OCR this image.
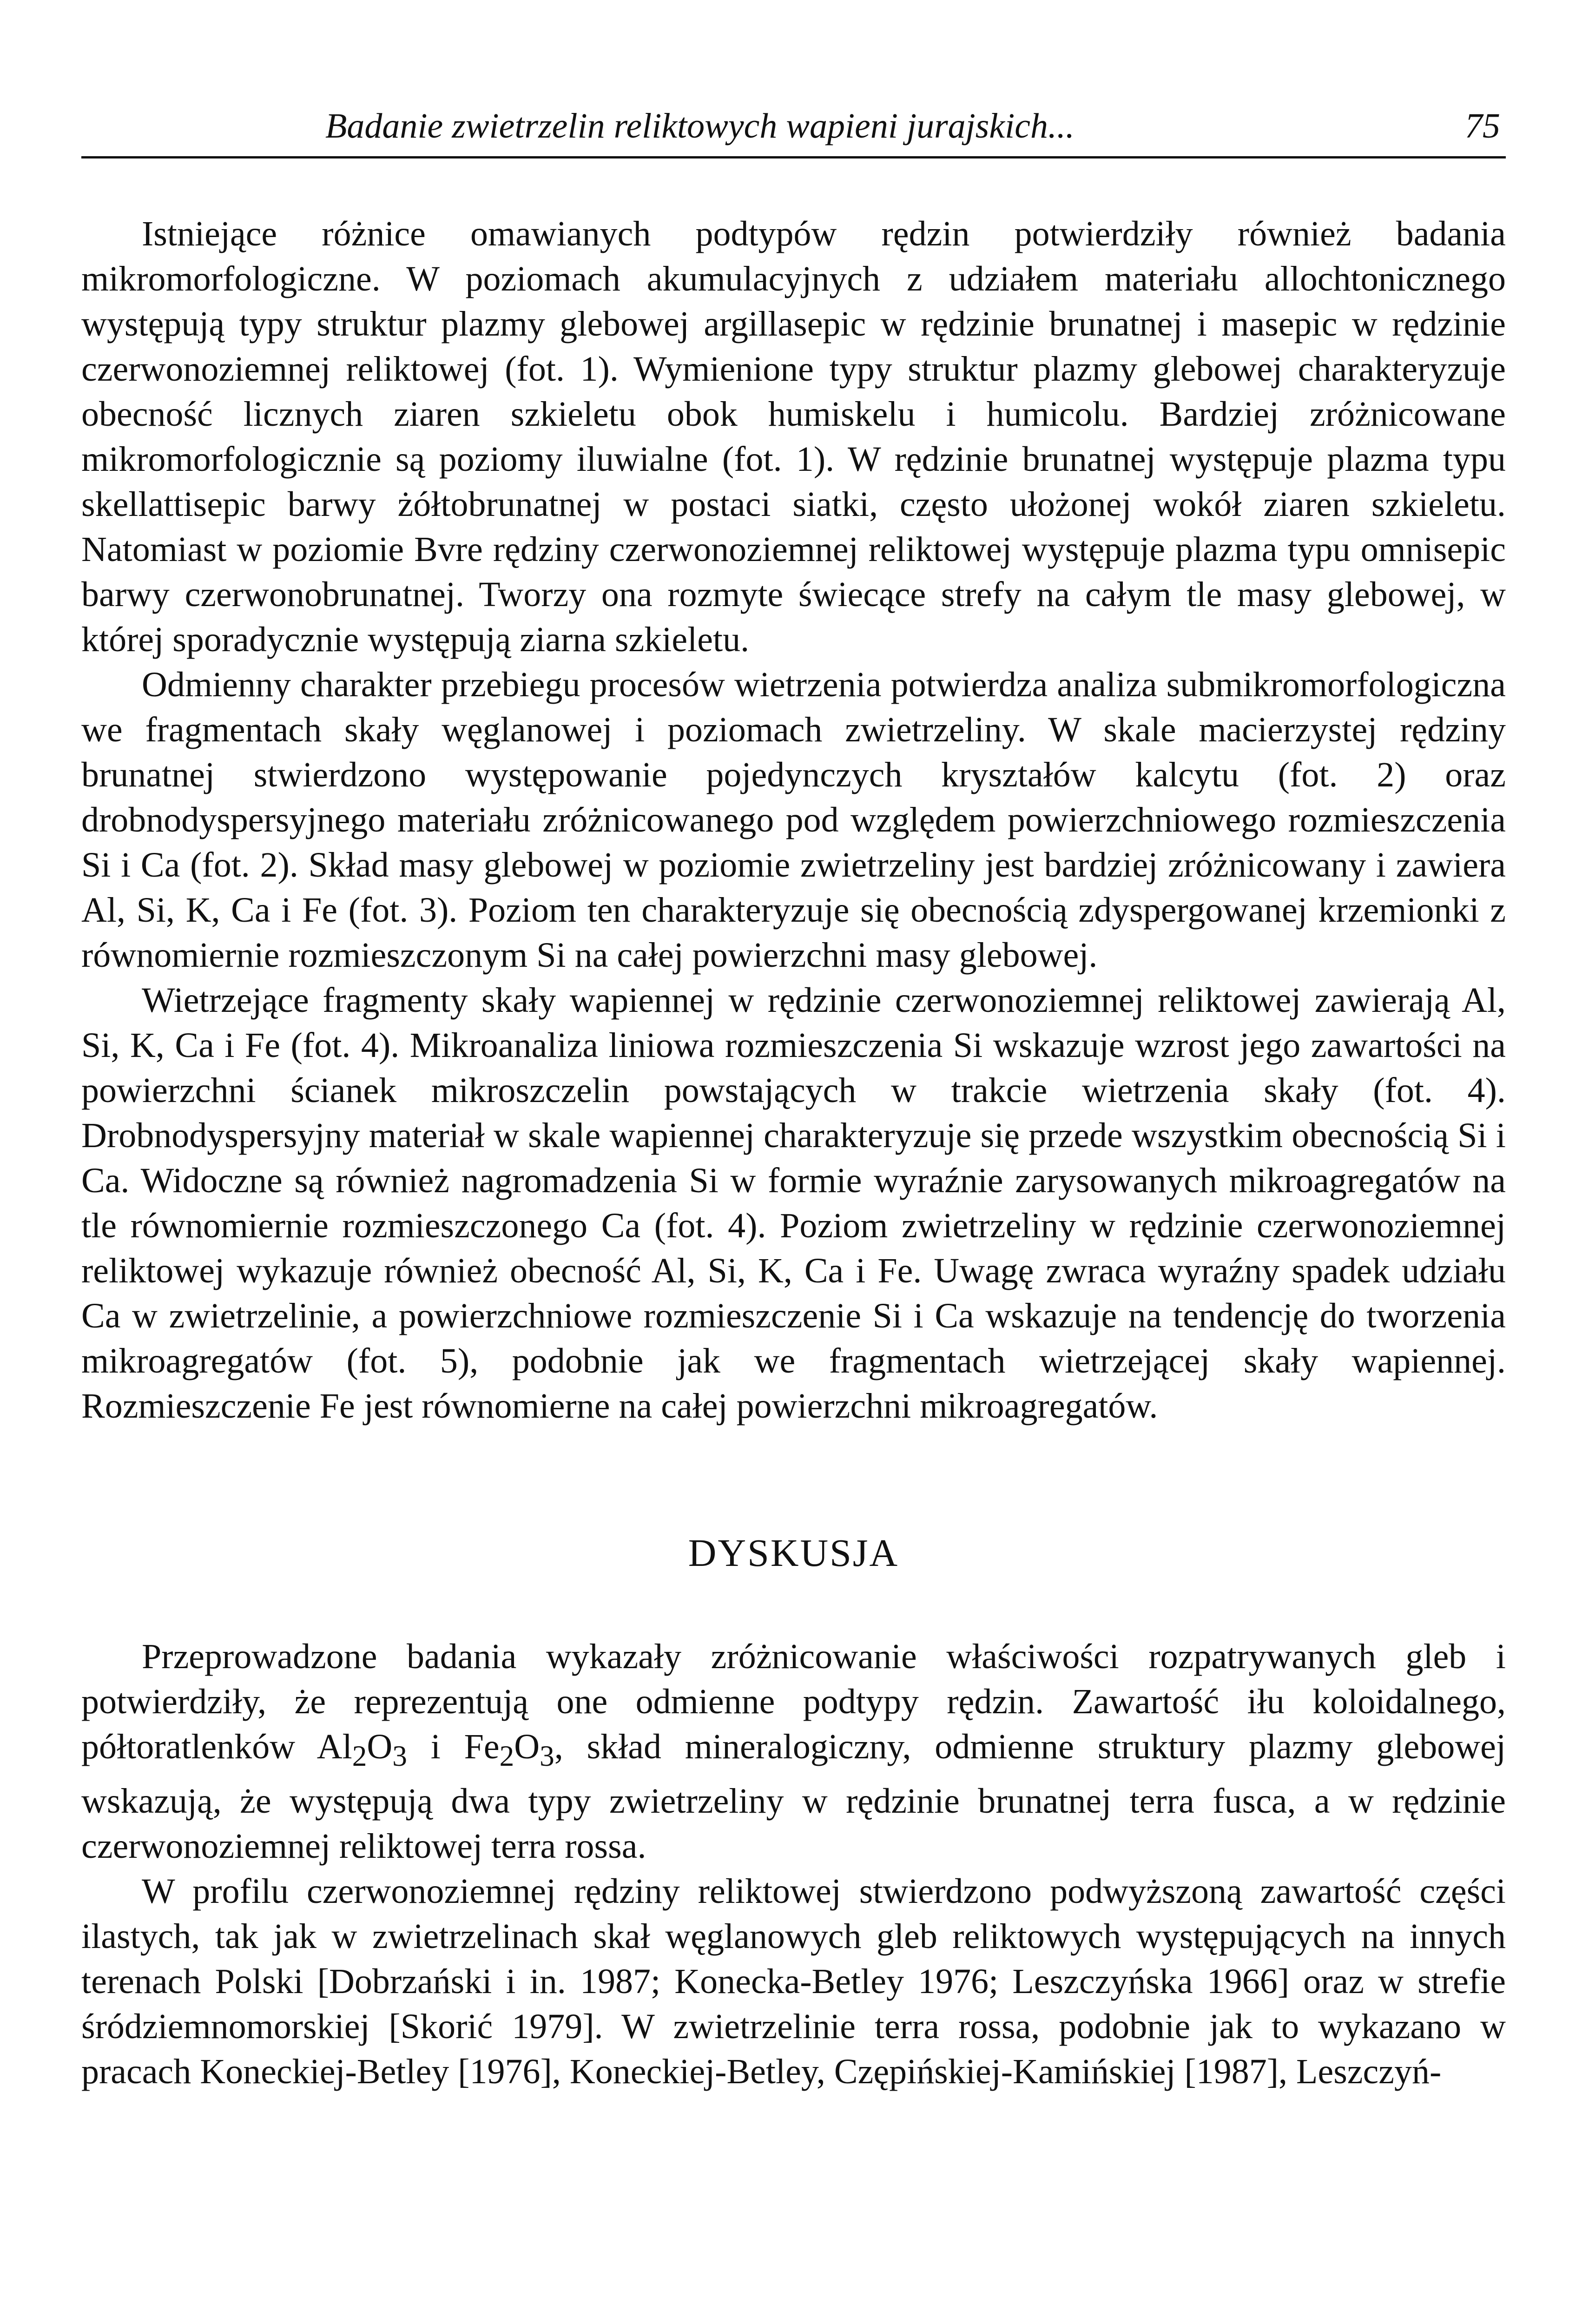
Badanie zwietrzelin reliktowych wapieni jurajskich...	75

Istniejące różnice omawianych podtypów rędzin potwierdziły również badania mikromorfologiczne. W poziomach akumulacyjnych z udziałem materiału allochtonicznego występują typy struktur plazmy glebowej argillasepic w rędzinie brunatnej i masepic w rędzinie czerwonoziemnej reliktowej (fot. 1). Wymienione typy struktur plazmy glebowej charakteryzuje obecność licznych ziaren szkieletu obok humiskelu i humicolu. Bardziej zróżnicowane mikromorfologicznie są poziomy iluwialne (fot. 1). W rędzinie brunatnej występuje plazma typu skellattisepic barwy żółtobrunatnej w postaci siatki, często ułożonej wokół ziaren szkieletu. Natomiast w poziomie Bvre rędziny czerwonoziemnej reliktowej występuje plazma typu omnisepic barwy czerwonobrunatnej. Tworzy ona rozmyte świecące strefy na całym tle masy glebowej, w której sporadycznie występują ziarna szkieletu.

Odmienny charakter przebiegu procesów wietrzenia potwierdza analiza submikromorfologiczna we fragmentach skały węglanowej i poziomach zwietrzeliny. W skale macierzystej rędziny brunatnej stwierdzono występowanie pojedynczych kryształów kalcytu (fot. 2) oraz drobnodyspersyjnego materiału zróżnicowanego pod względem powierzchniowego rozmieszczenia Si i Ca (fot. 2). Skład masy glebowej w poziomie zwietrzeliny jest bardziej zróżnicowany i zawiera Al, Si, K, Ca i Fe (fot. 3). Poziom ten charakteryzuje się obecnością zdyspergowanej krzemionki z równomiernie rozmieszczonym Si na całej powierzchni masy glebowej.

Wietrzejące fragmenty skały wapiennej w rędzinie czerwonoziemnej reliktowej zawierają Al, Si, K, Ca i Fe (fot. 4). Mikroanaliza liniowa rozmieszczenia Si wskazuje wzrost jego zawartości na powierzchni ścianek mikroszczelin powstających w trakcie wietrzenia skały (fot. 4). Drobnodyspersyjny materiał w skale wapiennej charakteryzuje się przede wszystkim obecnością Si i Ca. Widoczne są również nagromadzenia Si w formie wyraźnie zarysowanych mikroagregatów na tle równomiernie rozmieszczonego Ca (fot. 4). Poziom zwietrzeliny w rędzinie czerwonoziemnej reliktowej wykazuje również obecność Al, Si, K, Ca i Fe. Uwagę zwraca wyraźny spadek udziału Ca w zwietrzelinie, a powierzchniowe rozmieszczenie Si i Ca wskazuje na tendencję do tworzenia mikroagregatów (fot. 5), podobnie jak we fragmentach wietrzejącej skały wapiennej. Rozmieszczenie Fe jest równomierne na całej powierzchni mikroagregatów.

DYSKUSJA

Przeprowadzone badania wykazały zróżnicowanie właściwości rozpatrywanych gleb i potwierdziły, że reprezentują one odmienne podtypy rędzin. Zawartość iłu koloidalnego, półtoratlenków $Al_2O_3$ i $Fe_2O_3$, skład mineralogiczny, odmienne struktury plazmy glebowej wskazują, że występują dwa typy zwietrzeliny w rędzinie brunatnej terra fusca, a w rędzinie czerwonoziemnej reliktowej terra rossa.

W profilu czerwonoziemnej rędziny reliktowej stwierdzono podwyższoną zawartość części ilastych, tak jak w zwietrzelinach skał węglanowych gleb reliktowych występujących na innych terenach Polski [Dobrzański i in. 1987; Konecka-Betley 1976; Leszczyńska 1966] oraz w strefie śródziemnomorskiej [Skorić 1979]. W zwietrzelinie terra rossa, podobnie jak to wykazano w pracach Koneckiej-Betley [1976], Koneckiej-Betley, Czępińskiej-Kamińskiej [1987], Leszczyń-
